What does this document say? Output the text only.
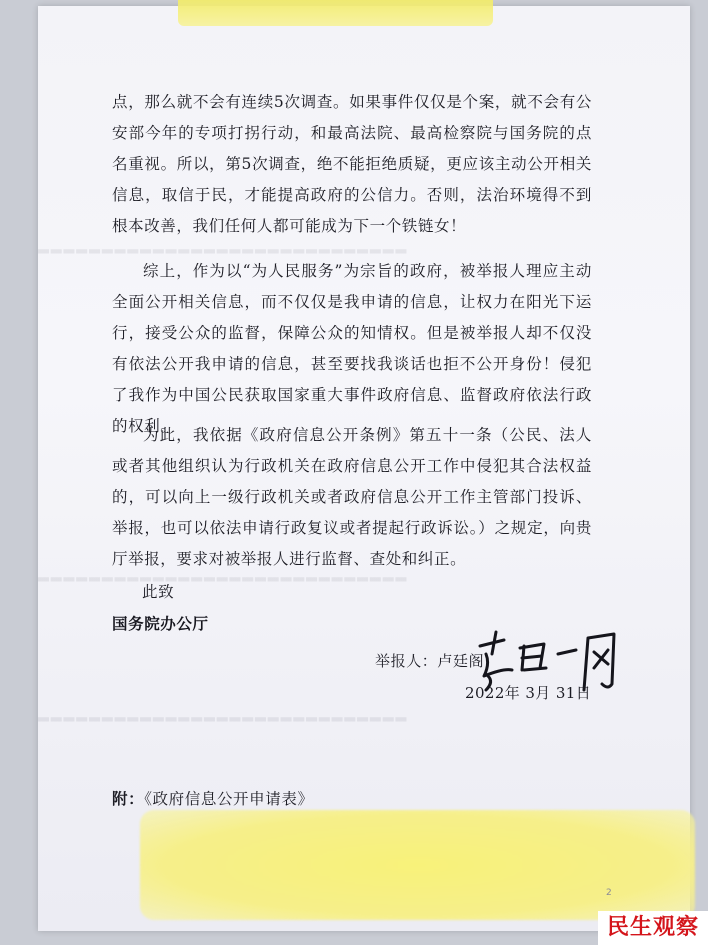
▂▂▂▂▂▂▂▂▂▂▂▂▂▂▂▂▂▂▂▂▂▂▂▂▂▂▂▂▂
▂▂▂▂▂▂▂▂▂▂▂▂▂▂▂▂▂▂▂▂▂▂▂▂▂▂▂▂▂
▂▂▂▂▂▂▂▂▂▂▂▂▂▂▂▂▂▂▂▂▂▂▂▂▂▂▂▂▂

点，那么就不会有连续5次调查。如果事件仅仅是个案，就不会有公安部今年的专项打拐行动，和最高法院、最高检察院与国务院的点名重视。所以，第5次调查，绝不能拒绝质疑，更应该主动公开相关信息，取信于民，才能提高政府的公信力。否则，法治环境得不到根本改善，我们任何人都可能成为下一个铁链女！

综上，作为以“为人民服务”为宗旨的政府，被举报人理应主动全面公开相关信息，而不仅仅是我申请的信息，让权力在阳光下运行，接受公众的监督，保障公众的知情权。但是被举报人却不仅没有依法公开我申请的信息，甚至要找我谈话也拒不公开身份！侵犯了我作为中国公民获取国家重大事件政府信息、监督政府依法行政的权利。

为此，我依据《政府信息公开条例》第五十一条（公民、法人或者其他组织认为行政机关在政府信息公开工作中侵犯其合法权益的，可以向上一级行政机关或者政府信息公开工作主管部门投诉、举报，也可以依法申请行政复议或者提起行政诉讼。）之规定，向贵厅举报，要求对被举报人进行监督、查处和纠正。

此致
国务院办公厅
举报人：卢廷阁
2022年 3月 31日
附：《政府信息公开申请表》
2
民生观察
